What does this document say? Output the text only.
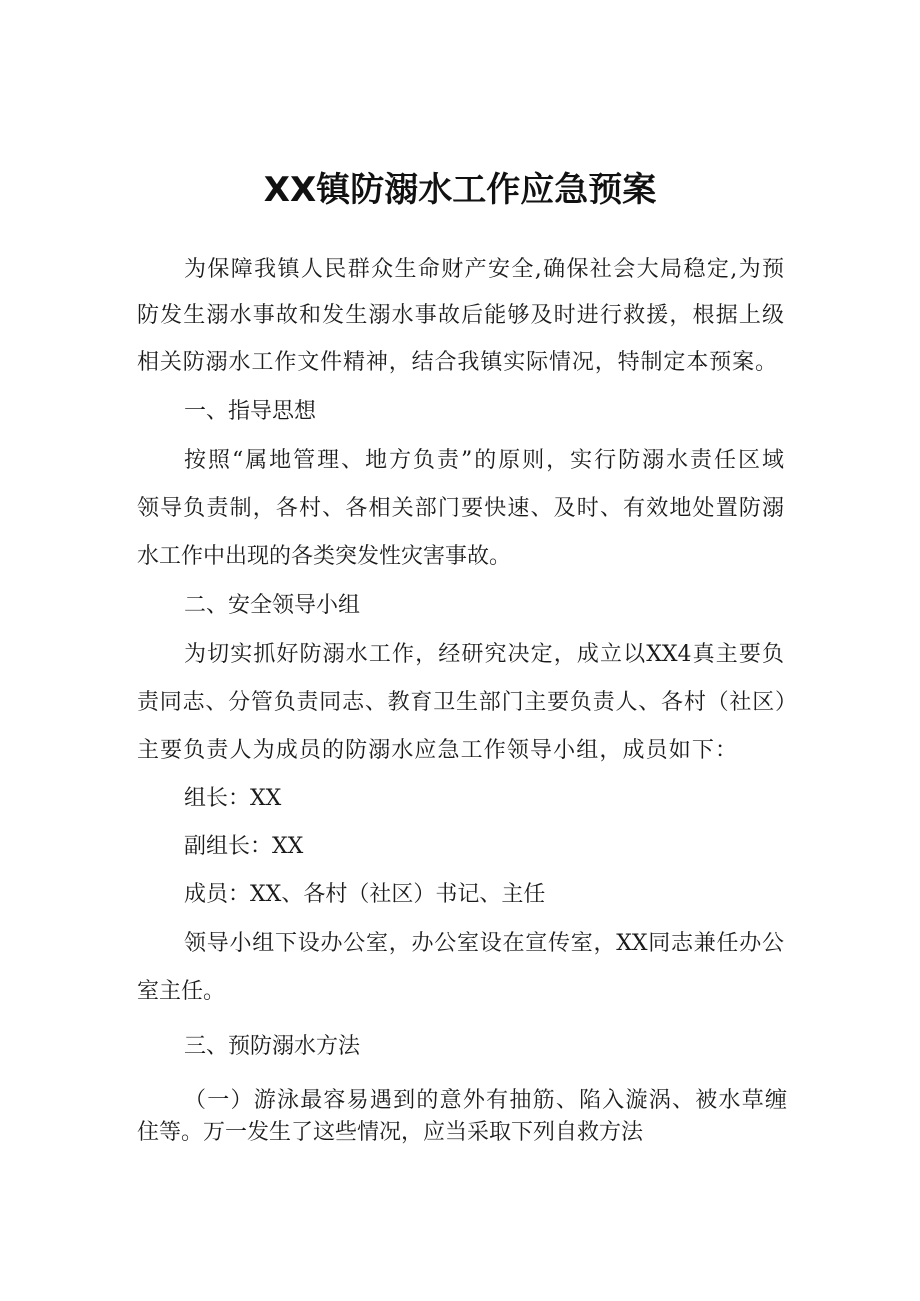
XX镇防溺水工作应急预案
为保障我镇人民群众生命财产安全,确保社会大局稳定,为预
防发生溺水事故和发生溺水事故后能够及时进行救援，根据上级
相关防溺水工作文件精神，结合我镇实际情况，特制定本预案。
一、指导思想
按照“属地管理、地方负责”的原则，实行防溺水责任区域
领导负责制，各村、各相关部门要快速、及时、有效地处置防溺
水工作中出现的各类突发性灾害事故。
二、安全领导小组
为切实抓好防溺水工作，经研究决定，成立以XX4真主要负
责同志、分管负责同志、教育卫生部门主要负责人、各村（社区）
主要负责人为成员的防溺水应急工作领导小组，成员如下：
组长：XX
副组长：XX
成员：XX、各村（社区）书记、主任
领导小组下设办公室，办公室设在宣传室，XX同志兼任办公
室主任。
三、预防溺水方法
（一）游泳最容易遇到的意外有抽筋、陷入漩涡、被水草缠
住等。万一发生了这些情况，应当采取下列自救方法
